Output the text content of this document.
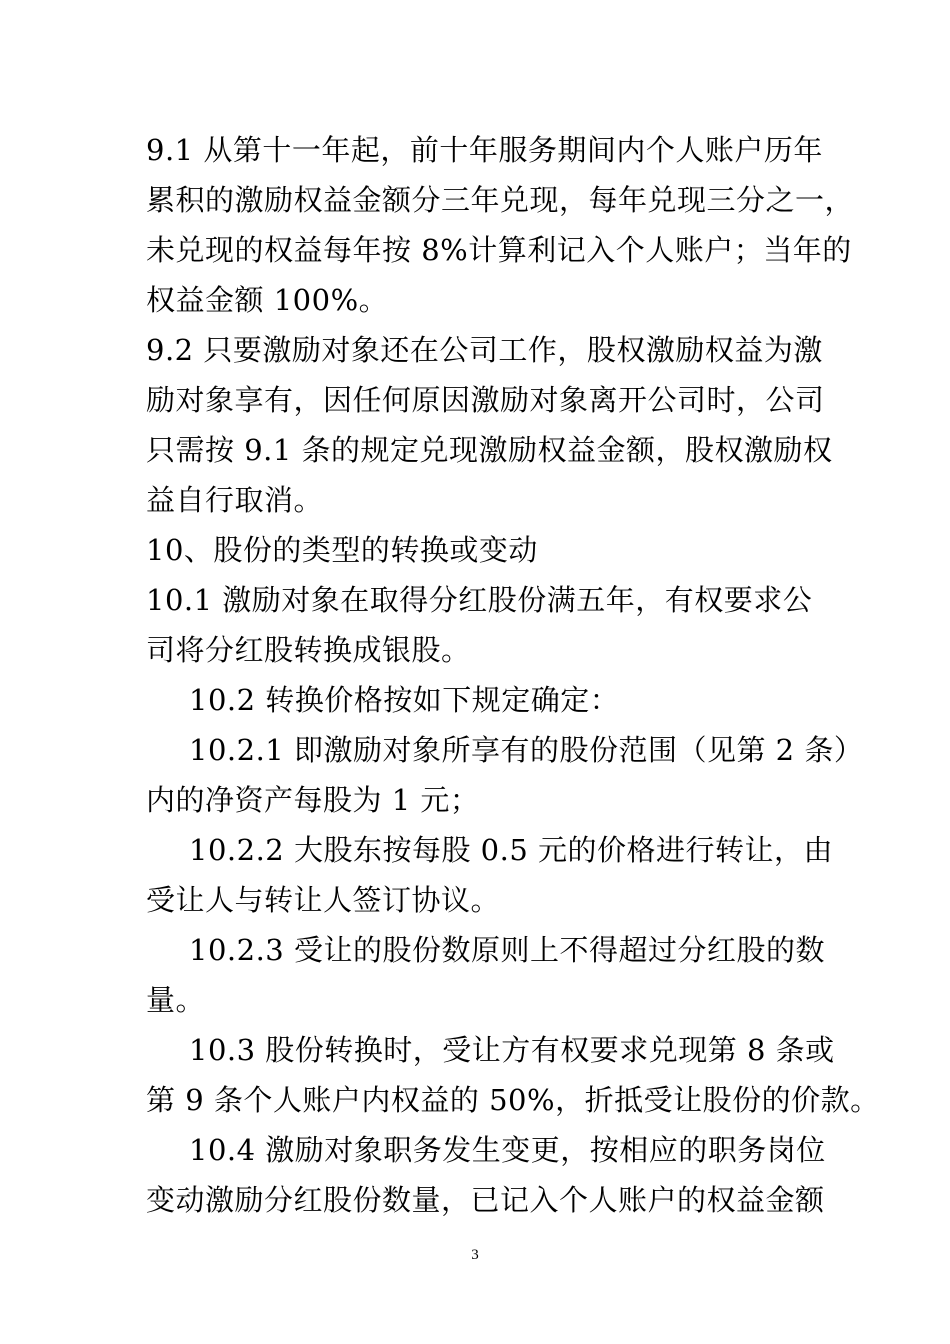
9.1 从第十一年起，前十年服务期间内个人账户历年
累积的激励权益金额分三年兑现，每年兑现三分之一，
未兑现的权益每年按 8%计算利记入个人账户；当年的
权益金额 100%。
9.2 只要激励对象还在公司工作，股权激励权益为激
励对象享有，因任何原因激励对象离开公司时，公司
只需按 9.1 条的规定兑现激励权益金额，股权激励权
益自行取消。
10、股份的类型的转换或变动
10.1 激励对象在取得分红股份满五年，有权要求公
司将分红股转换成银股。
10.2 转换价格按如下规定确定：
10.2.1 即激励对象所享有的股份范围（见第 2 条）
内的净资产每股为 1 元；
10.2.2 大股东按每股 0.5 元的价格进行转让，由
受让人与转让人签订协议。
10.2.3 受让的股份数原则上不得超过分红股的数
量。
10.3 股份转换时，受让方有权要求兑现第 8 条或
第 9 条个人账户内权益的 50%，折抵受让股份的价款。
10.4 激励对象职务发生变更，按相应的职务岗位
变动激励分红股份数量，已记入个人账户的权益金额
3
